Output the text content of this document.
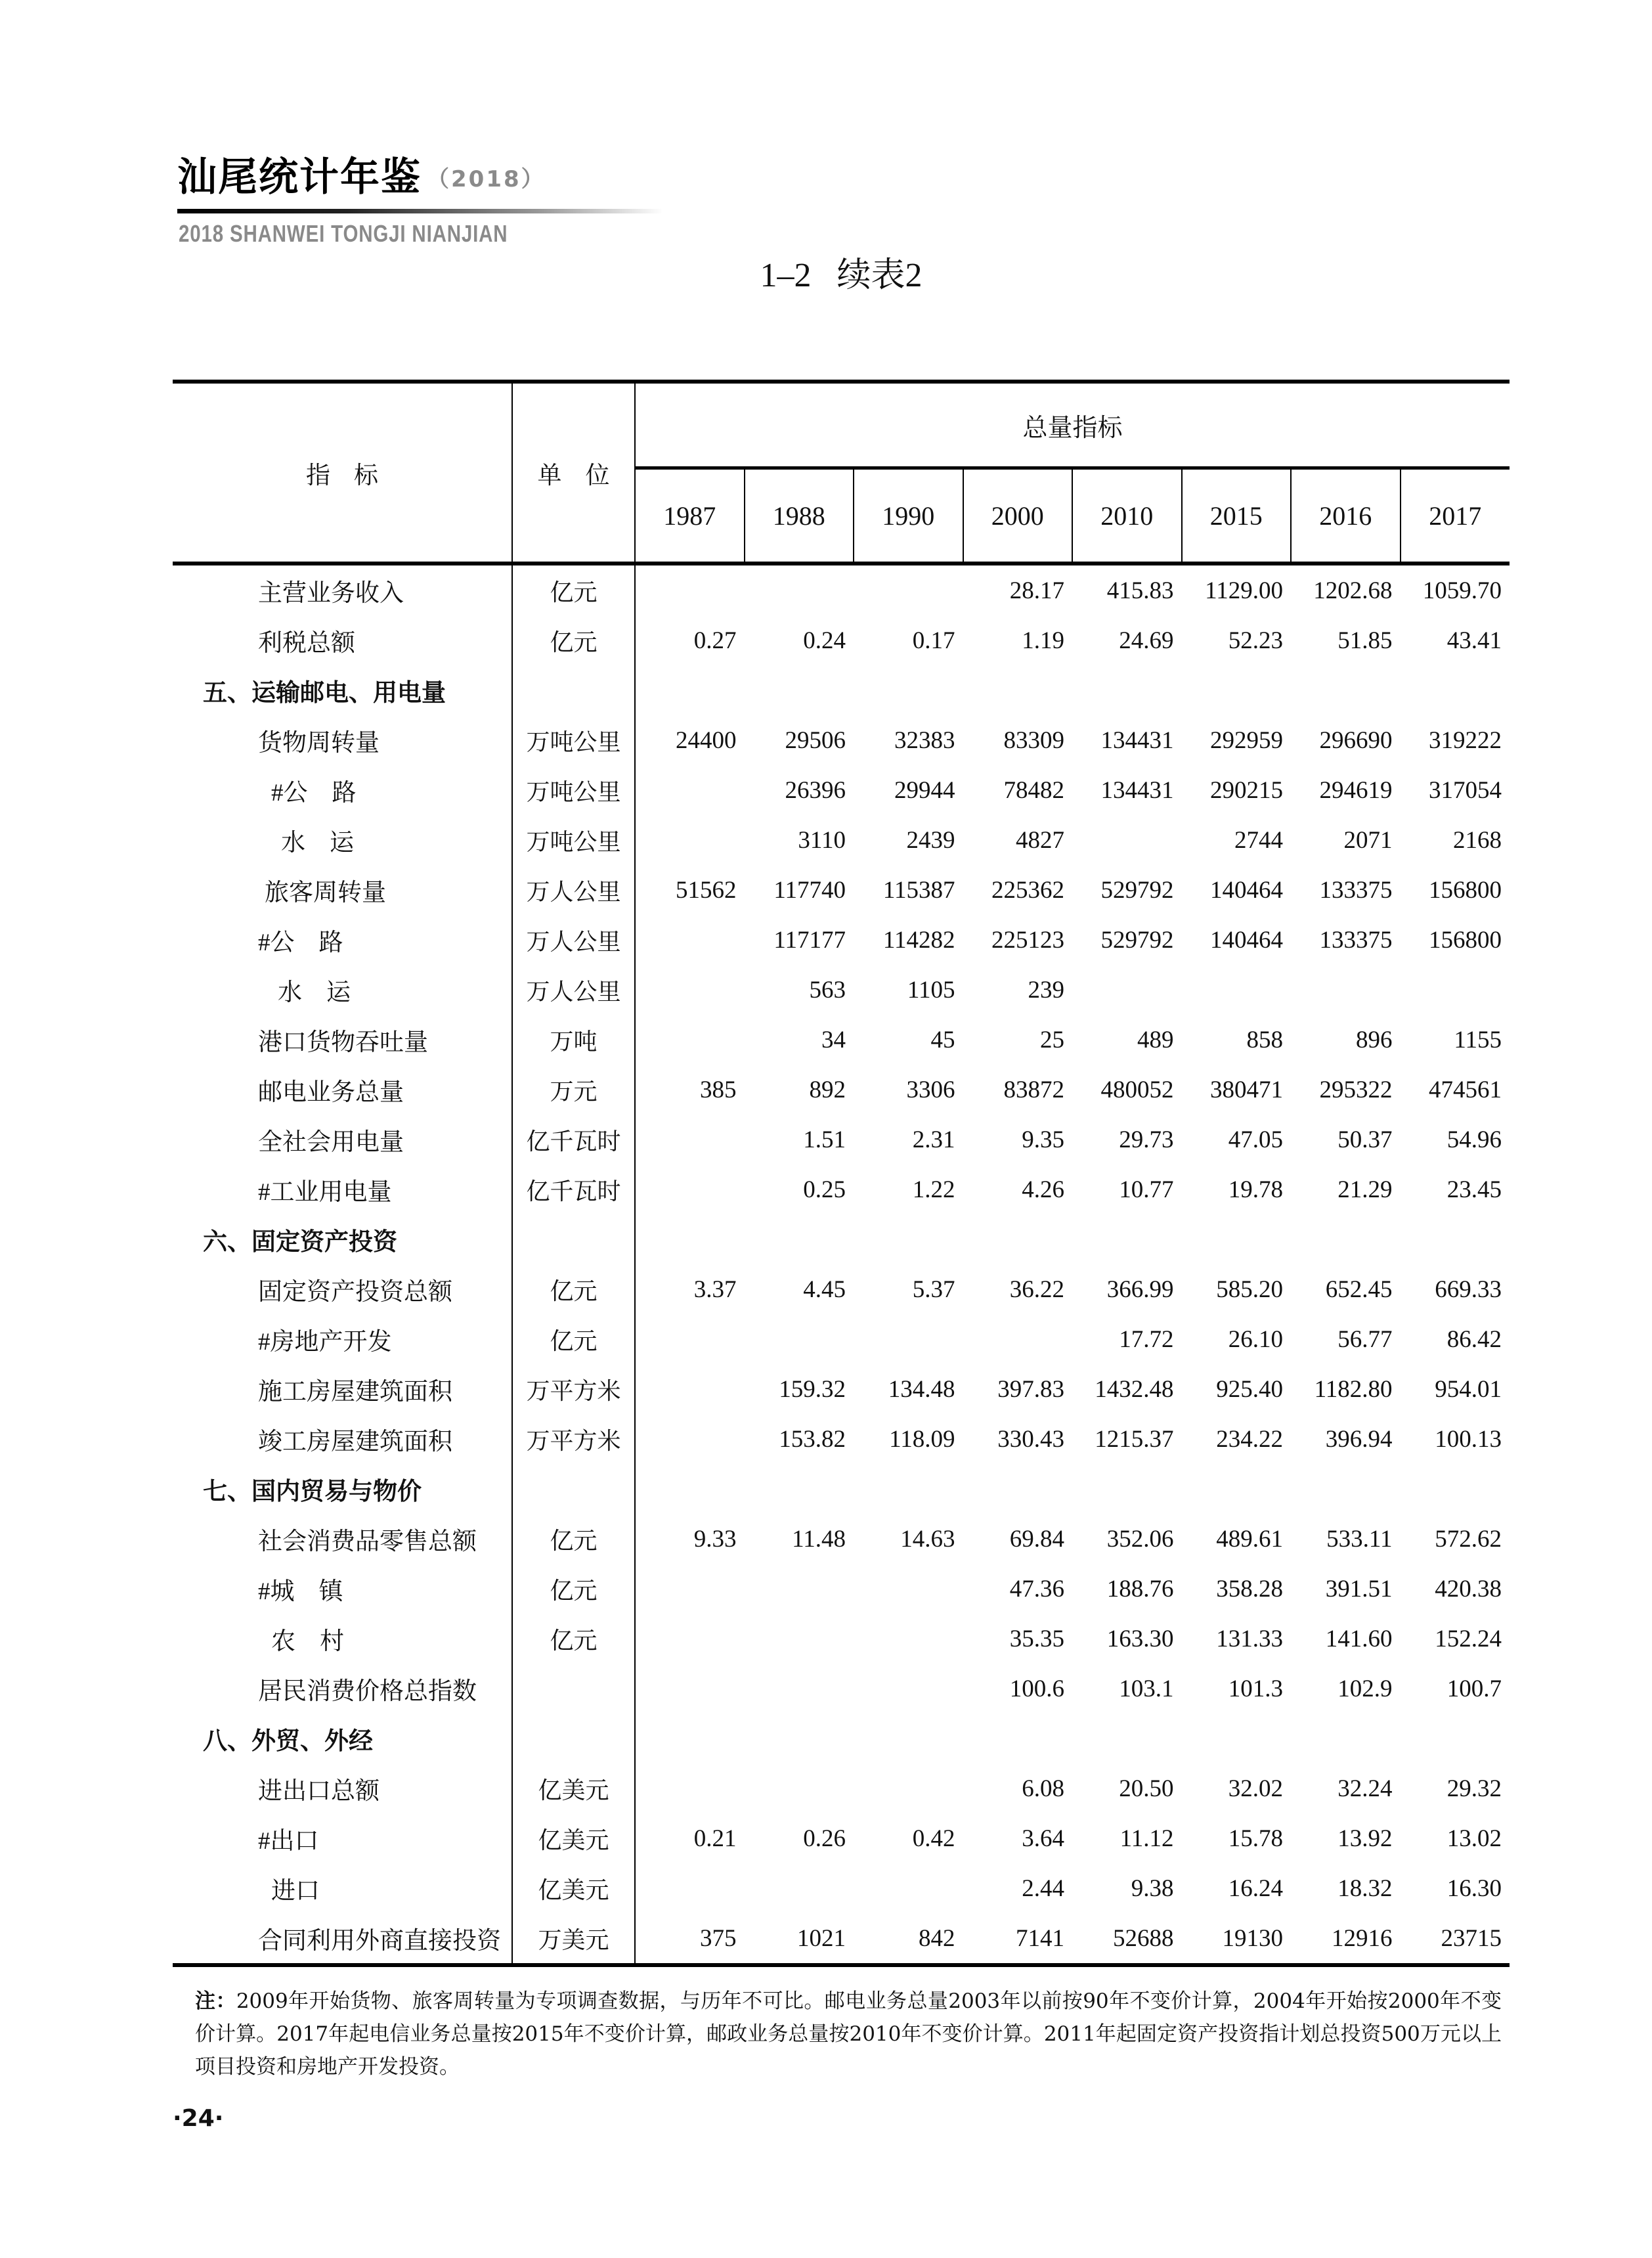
汕尾统计年鉴 （2018）

2018 SHANWEI TONGJI NIANJIAN

1–2   续表2
指标	单位	总量指标							
		1987	1988	1990	2000	2010	2015	2016	2017
主营业务收入	亿元				28.17	415.83	1129.00	1202.68	1059.70
利税总额	亿元	0.27	0.24	0.17	1.19	24.69	52.23	51.85	43.41
五、运输邮电、用电量									
货物周转量	万吨公里	24400	29506	32383	83309	134431	292959	296690	319222
#公　路	万吨公里		26396	29944	78482	134431	290215	294619	317054
水　运	万吨公里		3110	2439	4827		2744	2071	2168
旅客周转量	万人公里	51562	117740	115387	225362	529792	140464	133375	156800
#公　路	万人公里		117177	114282	225123	529792	140464	133375	156800
水　运	万人公里		563	1105	239				
港口货物吞吐量	万吨		34	45	25	489	858	896	1155
邮电业务总量	万元	385	892	3306	83872	480052	380471	295322	474561
全社会用电量	亿千瓦时		1.51	2.31	9.35	29.73	47.05	50.37	54.96
#工业用电量	亿千瓦时		0.25	1.22	4.26	10.77	19.78	21.29	23.45
六、固定资产投资									
固定资产投资总额	亿元	3.37	4.45	5.37	36.22	366.99	585.20	652.45	669.33
#房地产开发	亿元					17.72	26.10	56.77	86.42
施工房屋建筑面积	万平方米		159.32	134.48	397.83	1432.48	925.40	1182.80	954.01
竣工房屋建筑面积	万平方米		153.82	118.09	330.43	1215.37	234.22	396.94	100.13
七、国内贸易与物价									
社会消费品零售总额	亿元	9.33	11.48	14.63	69.84	352.06	489.61	533.11	572.62
#城　镇	亿元				47.36	188.76	358.28	391.51	420.38
农　村	亿元				35.35	163.30	131.33	141.60	152.24
居民消费价格总指数					100.6	103.1	101.3	102.9	100.7
八、外贸、外经									
进出口总额	亿美元				6.08	20.50	32.02	32.24	29.32
#出口	亿美元	0.21	0.26	0.42	3.64	11.12	15.78	13.92	13.02
进口	亿美元				2.44	9.38	16.24	18.32	16.30
合同利用外商直接投资	万美元	375	1021	842	7141	52688	19130	12916	23715

注：2009年开始货物、旅客周转量为专项调查数据，与历年不可比。邮电业务总量2003年以前按90年不变价计算，2004年开始按2000年不变价计算。2017年起电信业务总量按2015年不变价计算，邮政业务总量按2010年不变价计算。2011年起固定资产投资指计划总投资500万元以上项目投资和房地产开发投资。

·24·
